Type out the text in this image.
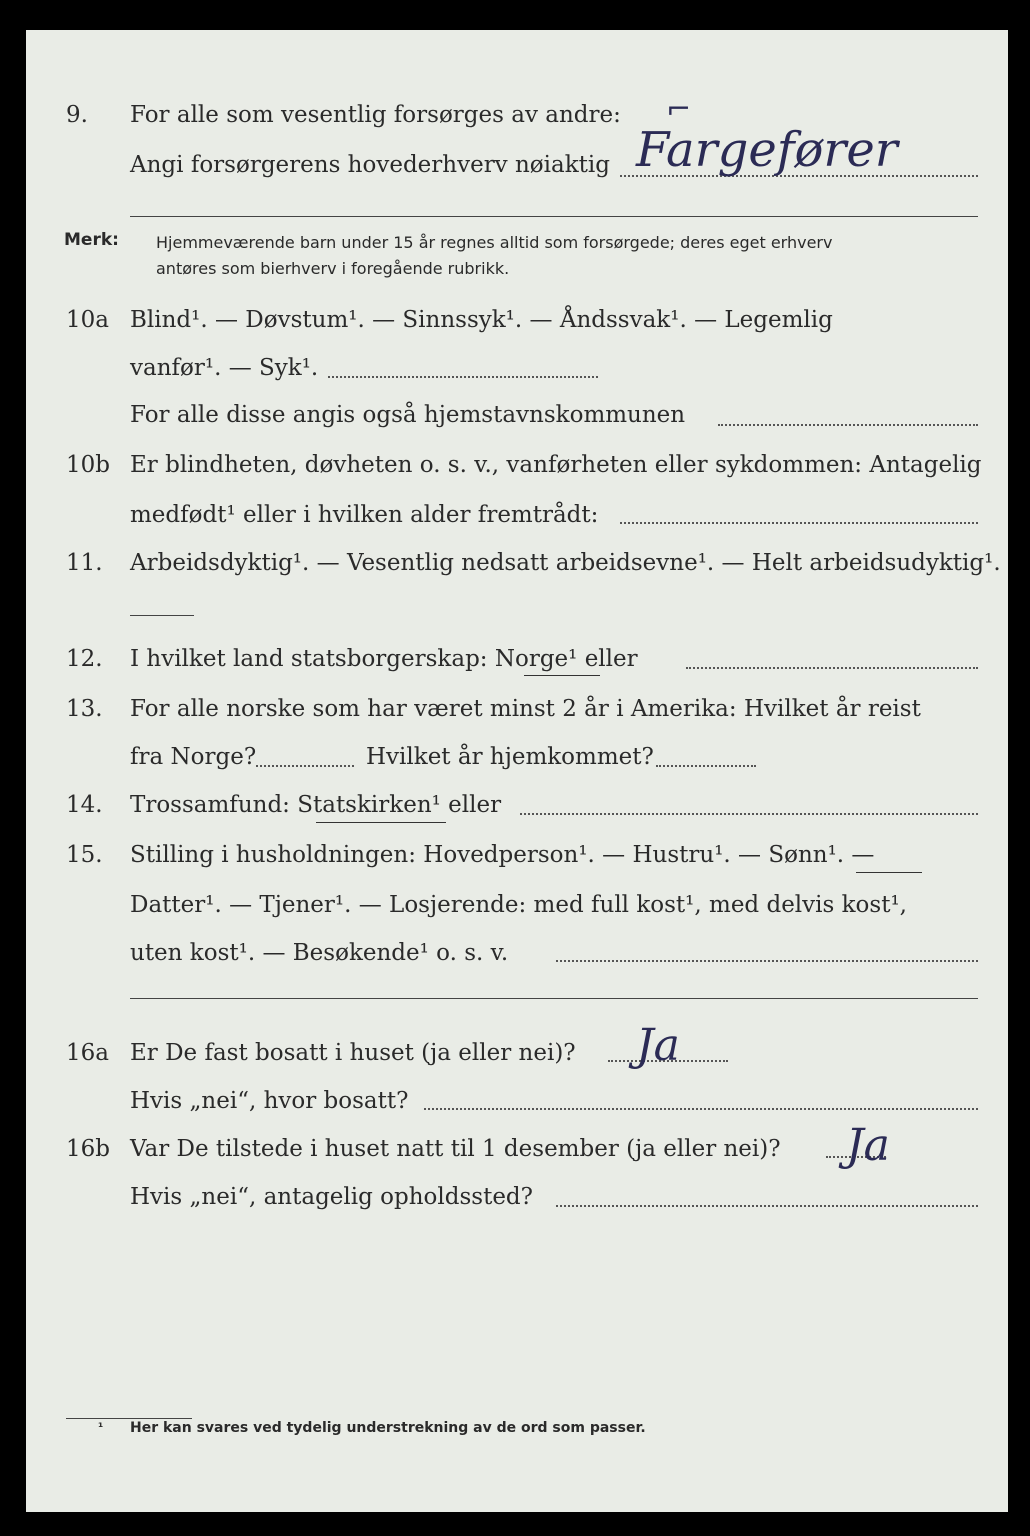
9. For alle som vesentlig forsørges av andre: ⌐
Angi forsørgerens hovederhverv nøiaktig Fargefører
Merk: Hjemmeværende barn under 15 år regnes alltid som forsørgede; deres eget erhverv
antøres som bierhverv i foregående rubrikk.
10a Blind¹. — Døvstum¹. — Sinnssyk¹. — Åndssvak¹. — Legemlig
vanfør¹. — Syk¹.
For alle disse angis også hjemstavnskommunen
10b Er blindheten, døvheten o. s. v., vanførheten eller sykdommen: Antagelig
medfødt¹ eller i hvilken alder fremtrådt:
11. Arbeidsdyktig¹. — Vesentlig nedsatt arbeidsevne¹. — Helt arbeidsudyktig¹.
12. I hvilket land statsborgerskap: Norge¹ eller
13. For alle norske som har været minst 2 år i Amerika: Hvilket år reist
fra Norge?	Hvilket år hjemkommet?
14. Trossamfund: Statskirken¹ eller
15. Stilling i husholdningen: Hovedperson¹. — Hustru¹. — Sønn¹. —
Datter¹. — Tjener¹. — Losjerende: med full kost¹, med delvis kost¹,
uten kost¹. — Besøkende¹ o. s. v.
16a Er De fast bosatt i huset (ja eller nei)? Ja
Hvis „nei“, hvor bosatt?
16b Var De tilstede i huset natt til 1 desember (ja eller nei)? Ja
Hvis „nei“, antagelig opholdssted?
¹ Her kan svares ved tydelig understrekning av de ord som passer.
